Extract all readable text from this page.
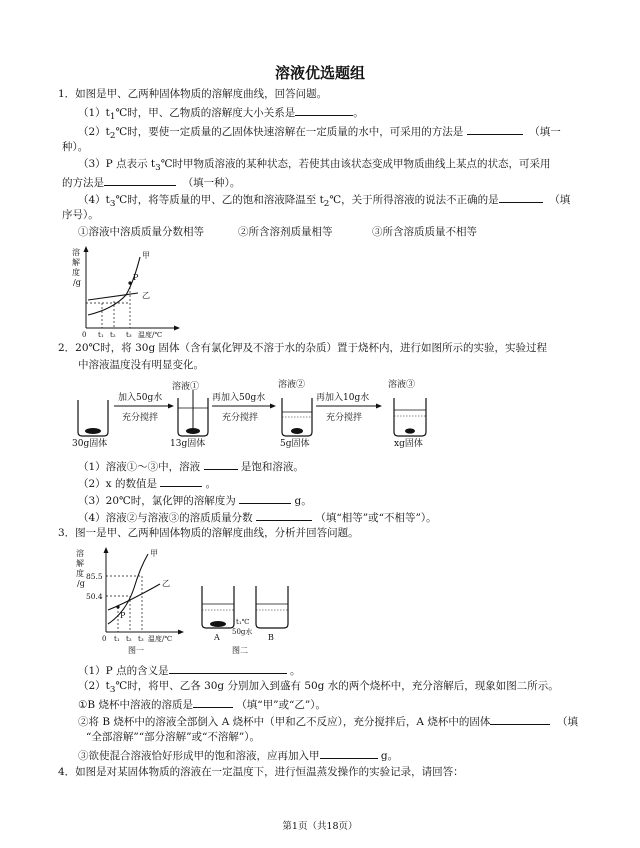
溶液优选题组
1．如图是甲、乙两种固体物质的溶解度曲线，回答问题。
$(1)t_1℃$时，甲、乙物质的溶解度大小关系是	。
$(2)t_2℃$时，要使一定质量的乙固体快速溶解在一定质量的水中，可采用的方法是	（填一
种）。
（3）P 点表示 $t_3℃$时甲物质溶液的某种状态，若使其由该状态变成甲物质曲线上某点的状态，可采用
的方法是	（填一种）。
$(4)t_3℃$时，将等质量的甲、乙的饱和溶液降温至 $t_2℃$，关于所得溶液的说法不正确的是	（填
序号）。
①溶液中溶质质量分数相等	②所含溶剂质量相等	③所含溶质质量不相等
溶
解
度
/g
P
甲
乙
0 t₁ t₂ t₃ 温度/℃
2．20℃时，将 30g 固体（含有氯化钾及不溶于水的杂质）置于烧杯内，进行如图所示的实验，实验过程
中溶液温度没有明显变化。
30g固体
加入50g水
充分搅拌
溶液①
13g固体
再加入50g水
充分搅拌
溶液②
5g固体
再加入10g水
充分搅拌
溶液③
xg固体
（1）溶液①～③中，溶液	是饱和溶液。
（2）x 的数值是	。
（3）20℃时，氯化钾的溶解度为	g。
（4）溶液②与溶液③的溶质质量分数	（填“相等”或“不相等”）。
3．图一是甲、乙两种固体物质的溶解度曲线，分析并回答问题。
溶
解
度
/g
85.5
50.4
P
甲
乙
0 t₁ t₂ t₃ 温度/℃
图一
t₁℃
50g水
A	B
图二
（1）P 点的含义是	。
$(2)t_3℃$时，将甲、乙各 30g 分别加入到盛有 50g 水的两个烧杯中，充分溶解后，现象如图二所示。
①B 烧杯中溶液的溶质是	（填“甲”或“乙”）。
②将 B 烧杯中的溶液全部倒入 A 烧杯中（甲和乙不反应），充分搅拌后，A 烧杯中的固体	（填
“全部溶解”“部分溶解”或“不溶解”）。
③欲使混合溶液恰好形成甲的饱和溶液，应再加入甲	g。
4．如图是对某固体物质的溶液在一定温度下，进行恒温蒸发操作的实验记录，请回答：
第1页（共18页）
